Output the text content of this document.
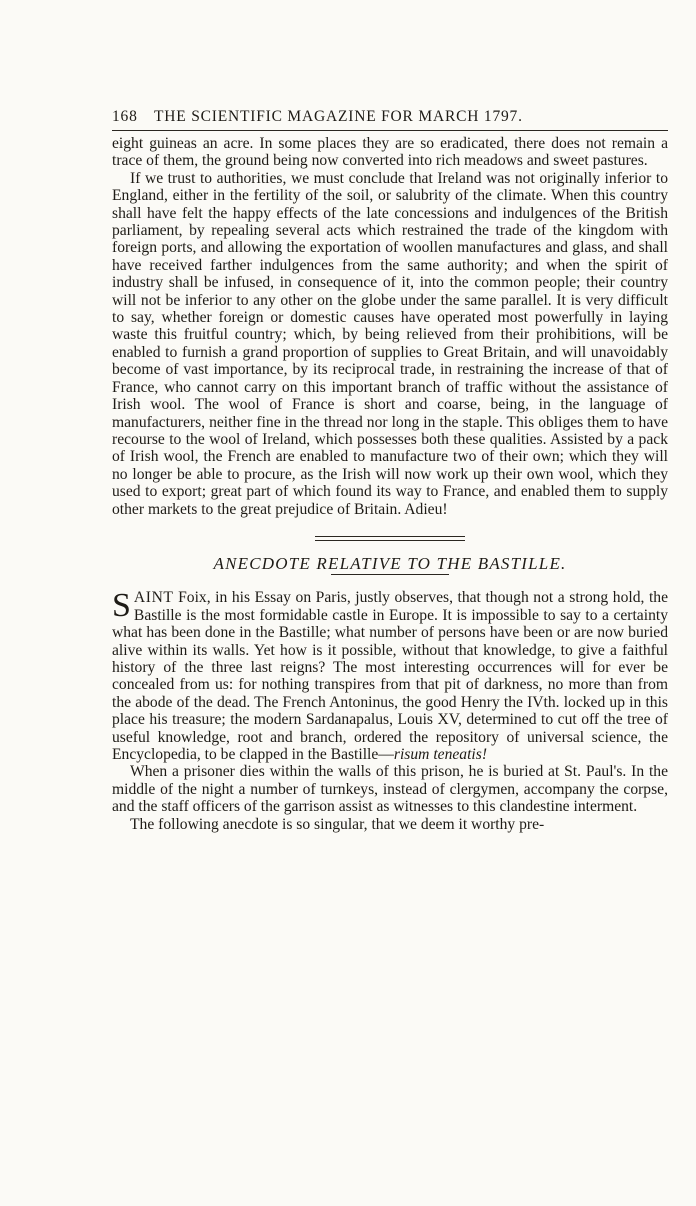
168	THE SCIENTIFIC MAGAZINE FOR MARCH 1797.

eight guineas an acre. In some places they are so eradicated, there does not remain a trace of them, the ground being now converted into rich meadows and sweet pastures.

If we trust to authorities, we must conclude that Ireland was not originally inferior to England, either in the fertility of the soil, or salubrity of the climate. When this country shall have felt the happy effects of the late concessions and indulgences of the British parliament, by repealing several acts which restrained the trade of the kingdom with foreign ports, and allowing the exportation of woollen manufactures and glass, and shall have received farther indulgences from the same authority; and when the spirit of industry shall be infused, in consequence of it, into the common people; their country will not be inferior to any other on the globe under the same parallel. It is very difficult to say, whether foreign or domestic causes have operated most powerfully in laying waste this fruitful country; which, by being relieved from their prohibitions, will be enabled to furnish a grand proportion of supplies to Great Britain, and will unavoidably become of vast importance, by its reciprocal trade, in restraining the increase of that of France, who cannot carry on this important branch of traffic without the assistance of Irish wool. The wool of France is short and coarse, being, in the language of manufacturers, neither fine in the thread nor long in the staple. This obliges them to have recourse to the wool of Ireland, which possesses both these qualities. Assisted by a pack of Irish wool, the French are enabled to manufacture two of their own; which they will no longer be able to procure, as the Irish will now work up their own wool, which they used to export; great part of which found its way to France, and enabled them to supply other markets to the great prejudice of Britain. Adieu!

ANECDOTE RELATIVE TO THE BASTILLE.

SAINT Foix, in his Essay on Paris, justly observes, that though not a strong hold, the Bastille is the most formidable castle in Europe. It is impossible to say to a certainty what has been done in the Bastille; what number of persons have been or are now buried alive within its walls. Yet how is it possible, without that knowledge, to give a faithful history of the three last reigns? The most interesting occurrences will for ever be concealed from us: for nothing transpires from that pit of darkness, no more than from the abode of the dead. The French Antoninus, the good Henry the IVth. locked up in this place his treasure; the modern Sardanapalus, Louis XV, determined to cut off the tree of useful knowledge, root and branch, ordered the repository of universal science, the Encyclopedia, to be clapped in the Bastille—risum teneatis!

When a prisoner dies within the walls of this prison, he is buried at St. Paul's. In the middle of the night a number of turnkeys, instead of clergymen, accompany the corpse, and the staff officers of the garrison assist as witnesses to this clandestine interment.

The following anecdote is so singular, that we deem it worthy pre-
